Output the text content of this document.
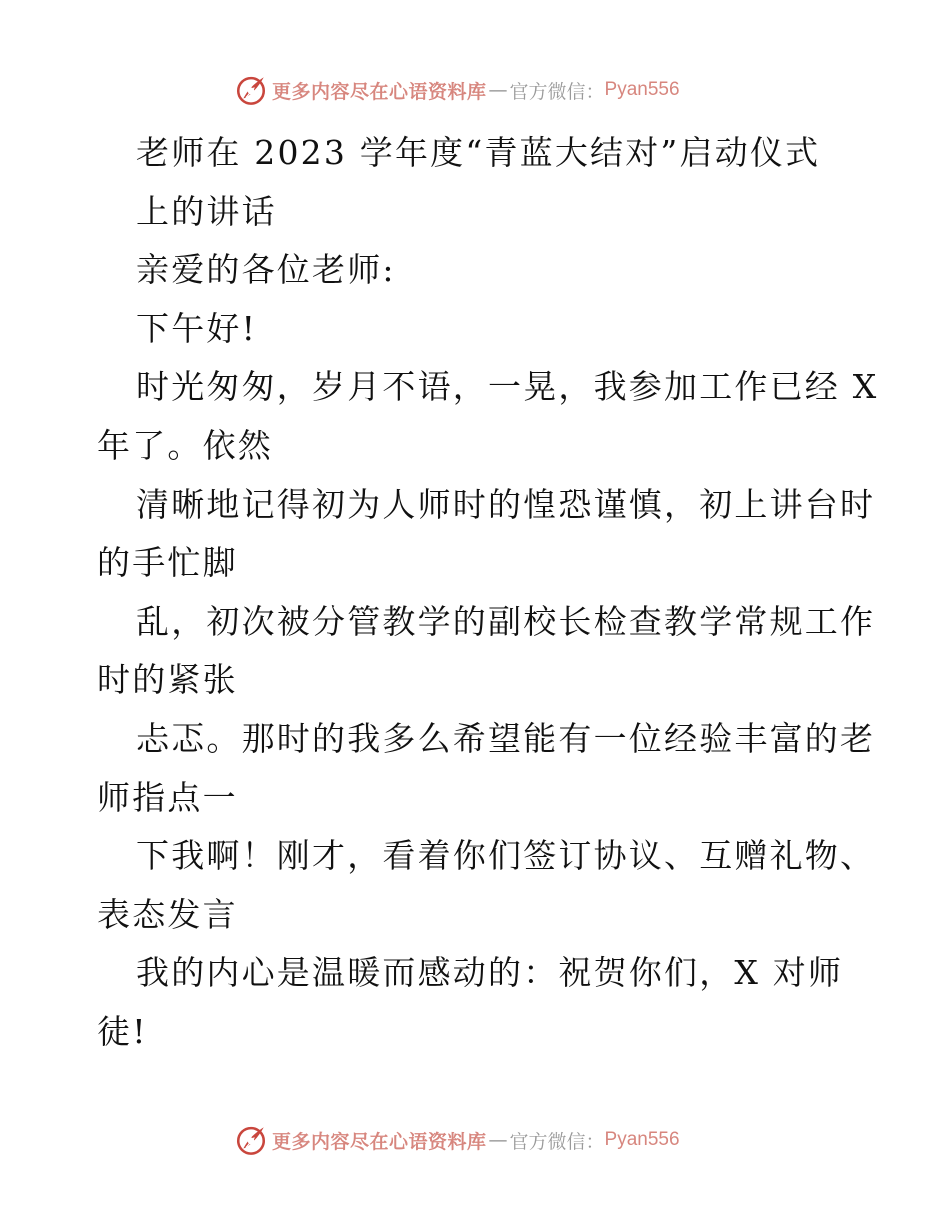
更多内容尽在心语资料库 — 官方微信： Pyan556
老师在 2023 学年度“青蓝大结对”启动仪式
上的讲话
亲爱的各位老师:
下午好!
时光匆匆，岁月不语，一晃，我参加工作已经 X
年了。依然
清晰地记得初为人师时的惶恐谨慎，初上讲台时
的手忙脚
乱，初次被分管教学的副校长检查教学常规工作
时的紧张
忐忑。那时的我多么希望能有一位经验丰富的老
师指点一
下我啊！刚才，看着你们签订协议、互赠礼物、
表态发言
我的内心是温暖而感动的：祝贺你们，X 对师
徒!
更多内容尽在心语资料库 — 官方微信： Pyan556
